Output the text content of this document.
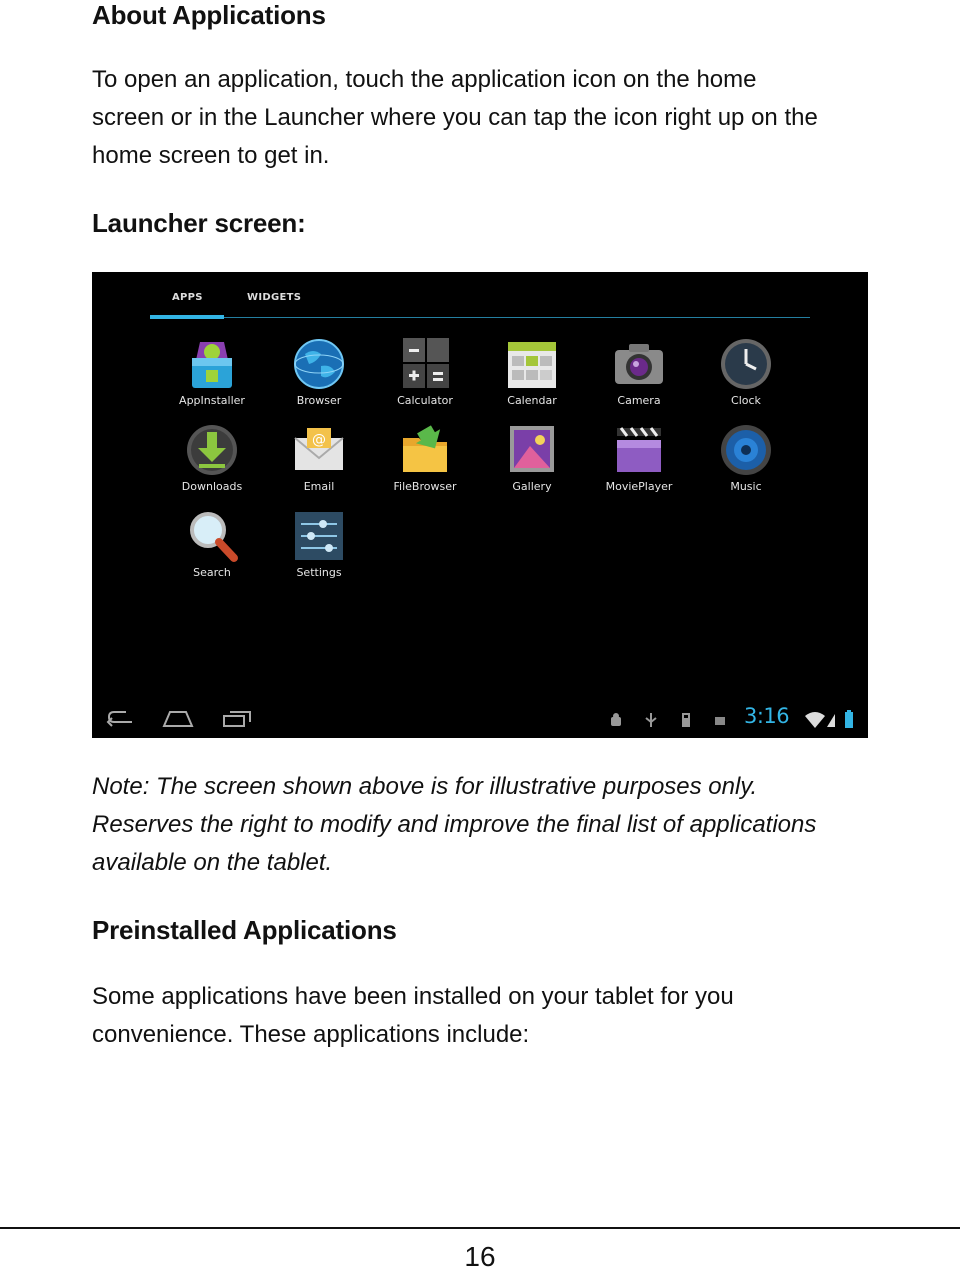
About Applications

To open an application, touch the application icon on the home
screen or in the Launcher where you can tap the icon right up on the
home screen to get in.

Launcher screen:
APPS	WIDGETS
AppInstaller	Browser	Calculator	Calendar	Camera	Clock
Downloads
@
Email	FileBrowser	Gallery	MoviePlayer	Music
Search	Settings
3:16

Note: The screen shown above is for illustrative purposes only.
Reserves the right to modify and improve the final list of applications
available on the tablet.

Preinstalled Applications

Some applications have been installed on your tablet for you
convenience. These applications include:

16
